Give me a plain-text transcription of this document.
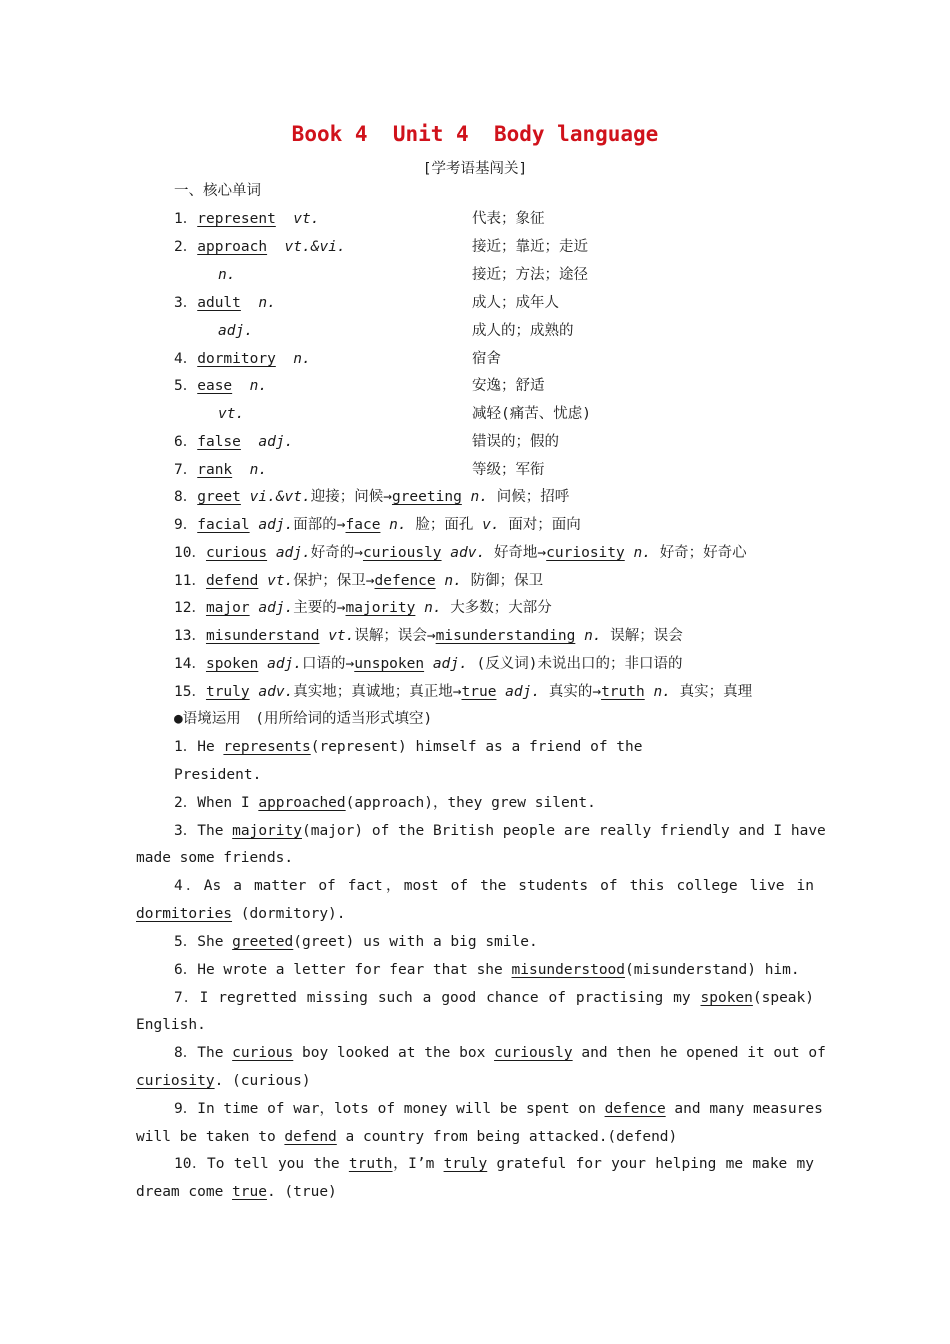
Book 4  Unit 4  Body language
[学考语基闯关]
一、核心单词
1．represent vt.	代表；象征
2．approach vt.&vi.	接近；靠近；走近
n.	接近；方法；途径
3．adult n.	成人；成年人
adj.	成人的；成熟的
4．dormitory n.	宿舍
5．ease n.	安逸；舒适
vt.	减轻(痛苦、忧虑)
6．false adj.	错误的；假的
7．rank n.	等级；军衔
8．greet vi.&vt.迎接；问候→greeting n. 问候；招呼
9．facial adj.面部的→face n. 脸；面孔 v. 面对；面向
10．curious adj.好奇的→curiously adv. 好奇地→curiosity n. 好奇；好奇心
11．defend vt.保护；保卫→defence n. 防御；保卫
12．major adj.主要的→majority n. 大多数；大部分
13．misunderstand vt.误解；误会→misunderstanding n. 误解；误会
14．spoken adj.口语的→unspoken adj. (反义词)未说出口的；非口语的
15．truly adv.真实地；真诚地；真正地→true adj. 真实的→truth n. 真实；真理
●语境运用　(用所给词的适当形式填空)
1．He represents(represent) himself as a friend of the
President.
2．When I approached(approach)，they grew silent.
3．The majority(major) of the British people are really friendly and I have
made some friends.
4．As a matter of fact，most of the students of this college live in
dormitories (dormitory).
5．She greeted(greet) us with a big smile.
6．He wrote a letter for fear that she misunderstood(misunderstand) him.
7．I regretted missing such a good chance of practising my spoken(speak)
English.
8．The curious boy looked at the box curiously and then he opened it out of
curiosity. (curious)
9．In time of war，lots of money will be spent on defence and many measures
will be taken to defend a country from being attacked.(defend)
10．To tell you the truth，I’m truly grateful for your helping me make my
dream come true. (true)
